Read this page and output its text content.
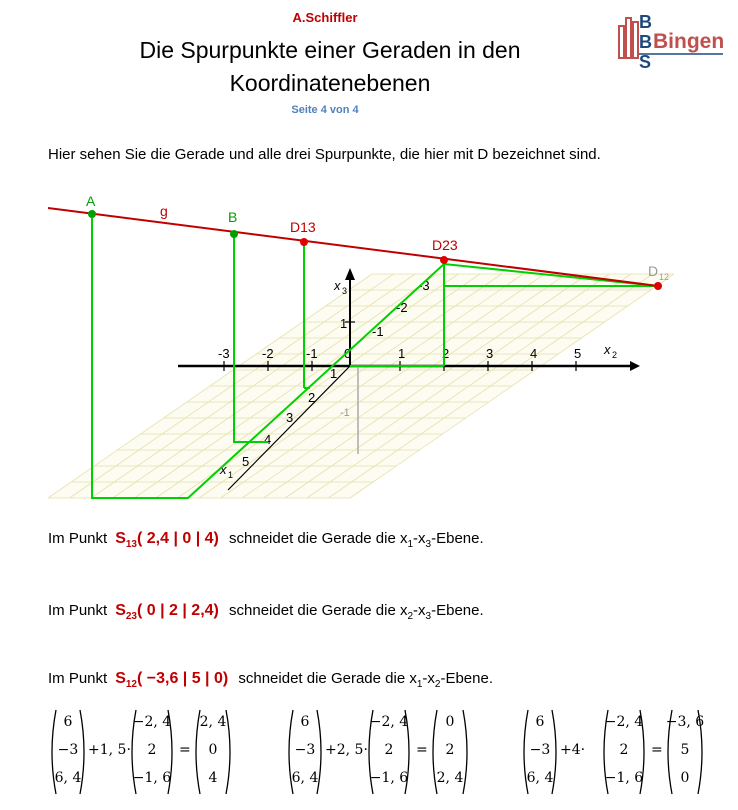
A.Schiffler
Die Spurpunkte einer Geraden in den
Koordinatenebenen
Seite 4 von 4
B
B
S
Bingen
Hier sehen Sie die Gerade und alle drei Spurpunkte, die hier mit D bezeichnet sind.
-3 -2 -1 0	1	2	3	4	5 x 2
x 3
1
-1
-1
-2
-3
1
2
3
4
5
x 1
A
g	B
D13
D23
D 12
Im Punkt $S_{13}$( 2,4 | 0 | 4) schneidet die Gerade die $x_1-x_3$-Ebene.
Im Punkt $S_{23}$( 0 | 2 | 2,4) schneidet die Gerade die $x_2-x_3$-Ebene.
Im Punkt $S_{12}( -3,6$ | 5 | 0) schneidet die Gerade die $x_1-x_2$-Ebene.
6
−3
6, 4
+1, 5·
−2, 4
2
−1, 6
=
2, 4
0
4
6
−3
6, 4
+2, 5·
−2, 4
2
−1, 6
=
0
2
2, 4
6
−3
6, 4
+4·
−2, 4
2
−1, 6
=
−3, 6
5
0
